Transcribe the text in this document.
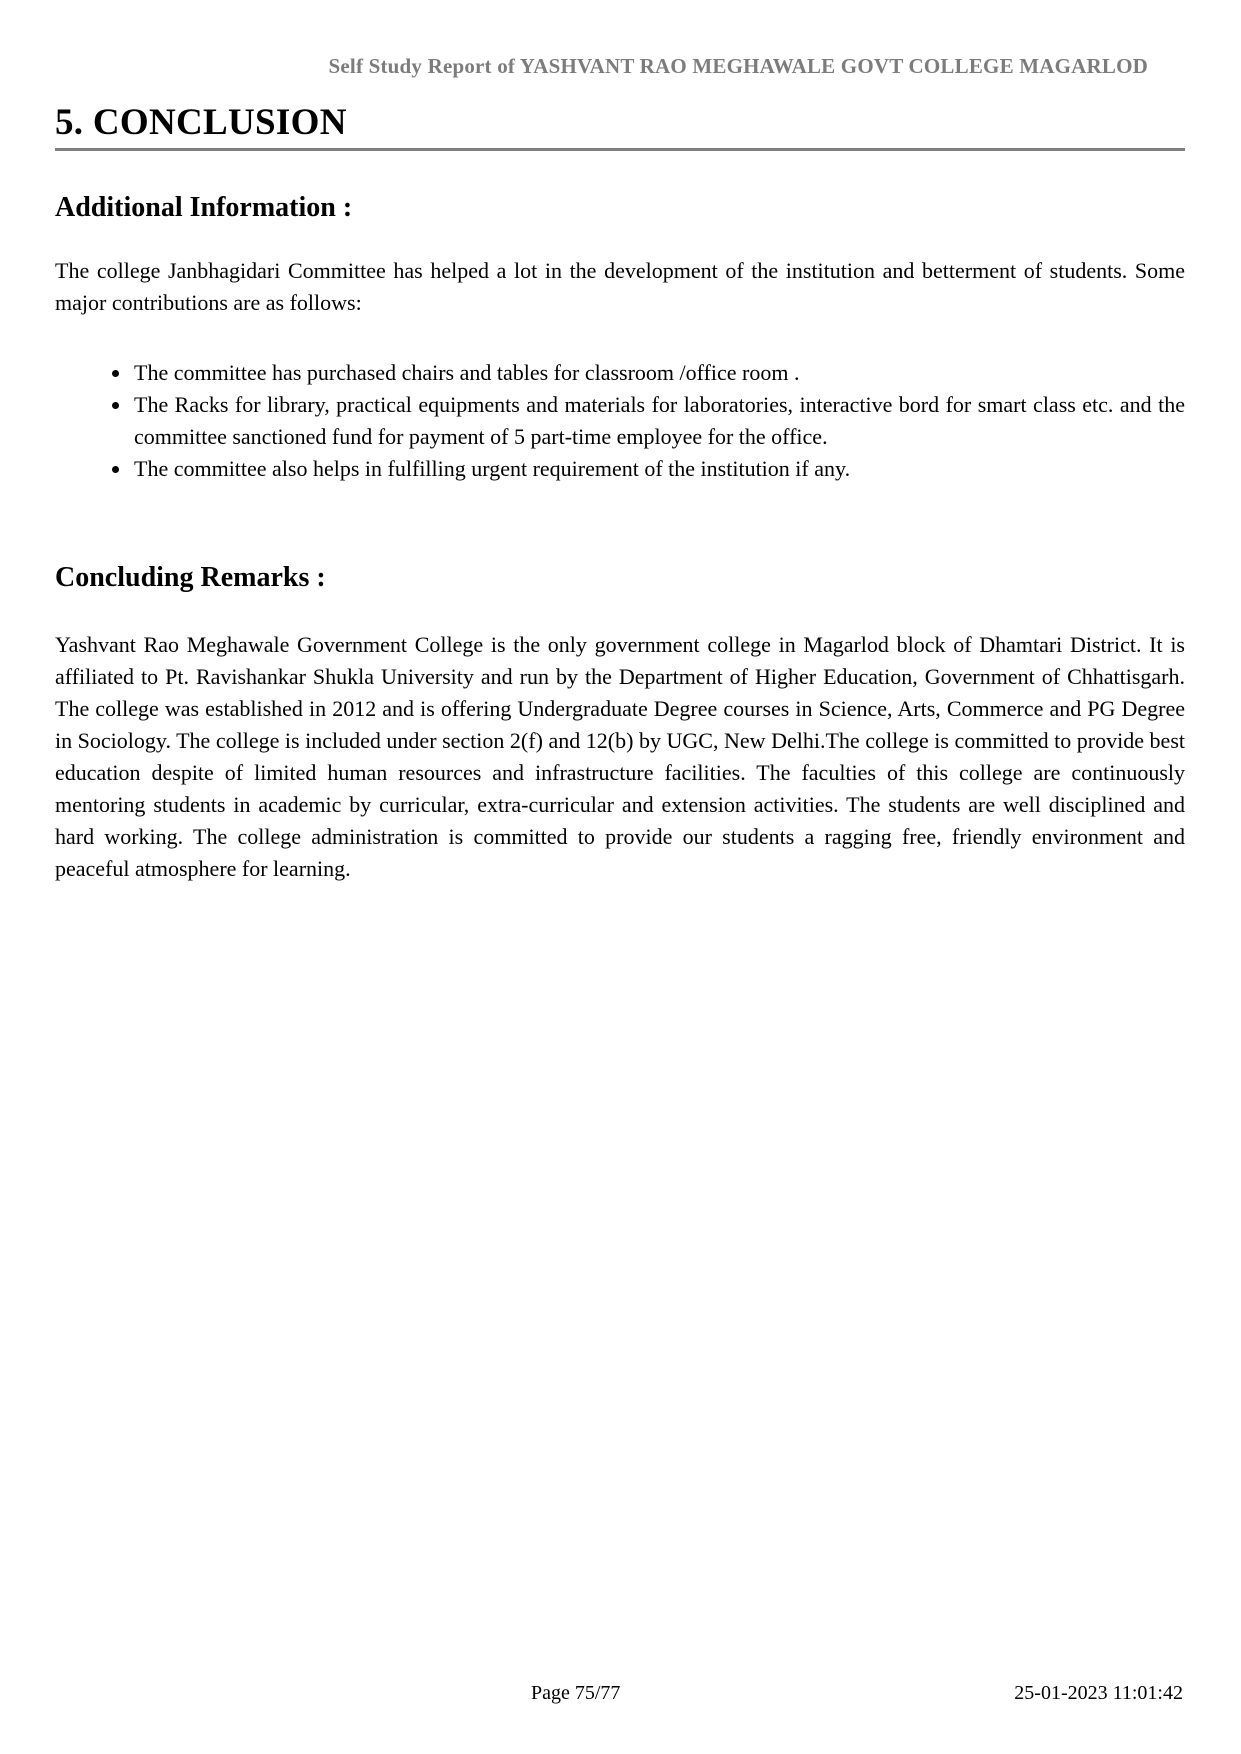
Self Study Report of YASHVANT RAO MEGHAWALE GOVT COLLEGE MAGARLOD
5. CONCLUSION
Additional Information :

The college Janbhagidari Committee has helped a lot in the development of the institution and betterment of students. Some major contributions are as follows:

• The committee has purchased chairs and tables for classroom /office room .
• The Racks for library, practical equipments and materials for laboratories, interactive bord for smart class etc. and the committee sanctioned fund for payment of 5 part-time employee for the office.
• The committee also helps in fulfilling urgent requirement of the institution if any.
Concluding Remarks :

Yashvant Rao Meghawale Government College is the only government college in Magarlod block of Dhamtari District. It is affiliated to Pt. Ravishankar Shukla University and run by the Department of Higher Education, Government of Chhattisgarh. The college was established in 2012 and is offering Undergraduate Degree courses in Science, Arts, Commerce and PG Degree in Sociology. The college is included under section 2(f) and 12(b) by UGC, New Delhi.The college is committed to provide best education despite of limited human resources and infrastructure facilities. The faculties of this college are continuously mentoring students in academic by curricular, extra-curricular and extension activities. The students are well disciplined and hard working. The college administration is committed to provide our students a ragging free, friendly environment and peaceful atmosphere for learning.

Page 75/77	25-01-2023 11:01:42
